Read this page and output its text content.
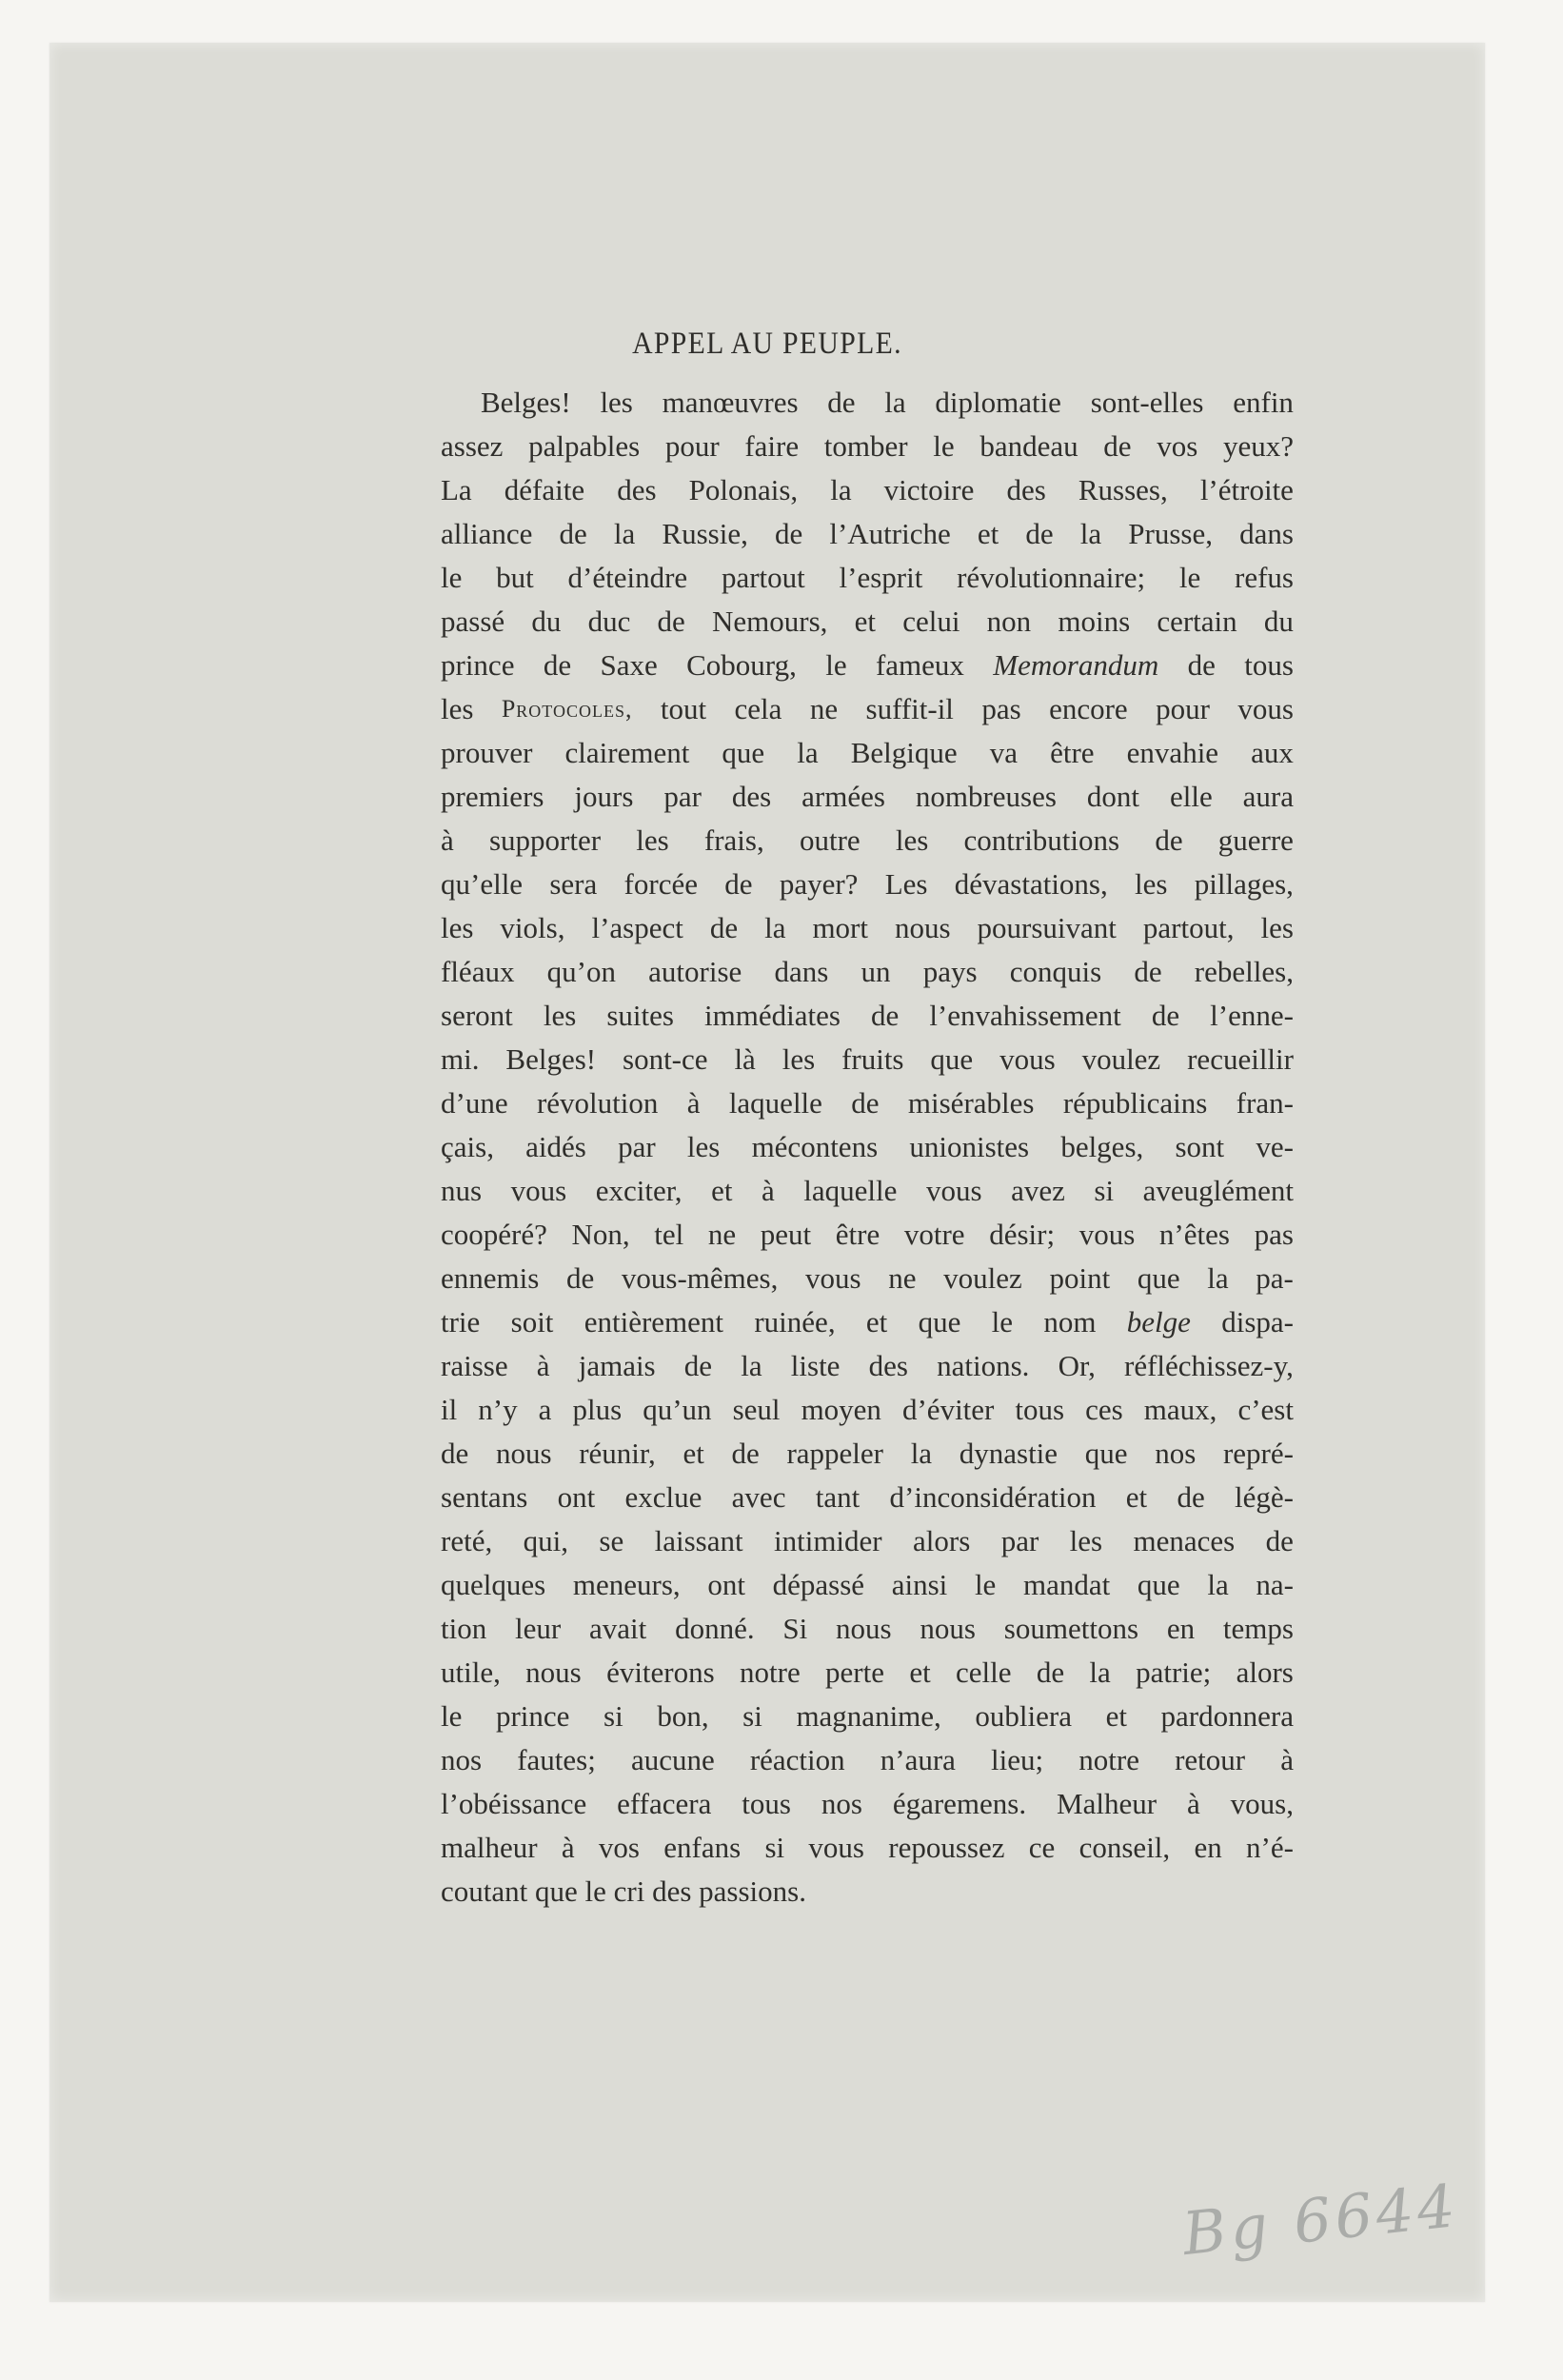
APPEL AU PEUPLE.
Belges! les manœuvres de la diplomatie sont-elles enfin
assez palpables pour faire tomber le bandeau de vos yeux?
La défaite des Polonais, la victoire des Russes, l’étroite
alliance de la Russie, de l’Autriche et de la Prusse, dans
le but d’éteindre partout l’esprit révolutionnaire; le refus
passé du duc de Nemours, et celui non moins certain du
prince de Saxe Cobourg, le fameux Memorandum de tous
les Protocoles, tout cela ne suffit-il pas encore pour vous
prouver clairement que la Belgique va être envahie aux
premiers jours par des armées nombreuses dont elle aura
à supporter les frais, outre les contributions de guerre
qu’elle sera forcée de payer? Les dévastations, les pillages,
les viols, l’aspect de la mort nous poursuivant partout, les
fléaux qu’on autorise dans un pays conquis de rebelles,
seront les suites immédiates de l’envahissement de l’enne-
mi. Belges! sont-ce là les fruits que vous voulez recueillir
d’une révolution à laquelle de misérables républicains fran-
çais, aidés par les mécontens unionistes belges, sont ve-
nus vous exciter, et à laquelle vous avez si aveuglément
coopéré? Non, tel ne peut être votre désir; vous n’êtes pas
ennemis de vous-mêmes, vous ne voulez point que la pa-
trie soit entièrement ruinée, et que le nom belge dispa-
raisse à jamais de la liste des nations. Or, réfléchissez-y,
il n’y a plus qu’un seul moyen d’éviter tous ces maux, c’est
de nous réunir, et de rappeler la dynastie que nos repré-
sentans ont exclue avec tant d’inconsidération et de légè-
reté, qui, se laissant intimider alors par les menaces de
quelques meneurs, ont dépassé ainsi le mandat que la na-
tion leur avait donné. Si nous nous soumettons en temps
utile, nous éviterons notre perte et celle de la patrie; alors
le prince si bon, si magnanime, oubliera et pardonnera
nos fautes; aucune réaction n’aura lieu; notre retour à
l’obéissance effacera tous nos égaremens. Malheur à vous,
malheur à vos enfans si vous repoussez ce conseil, en n’é-
coutant que le cri des passions.
Bg 6644
